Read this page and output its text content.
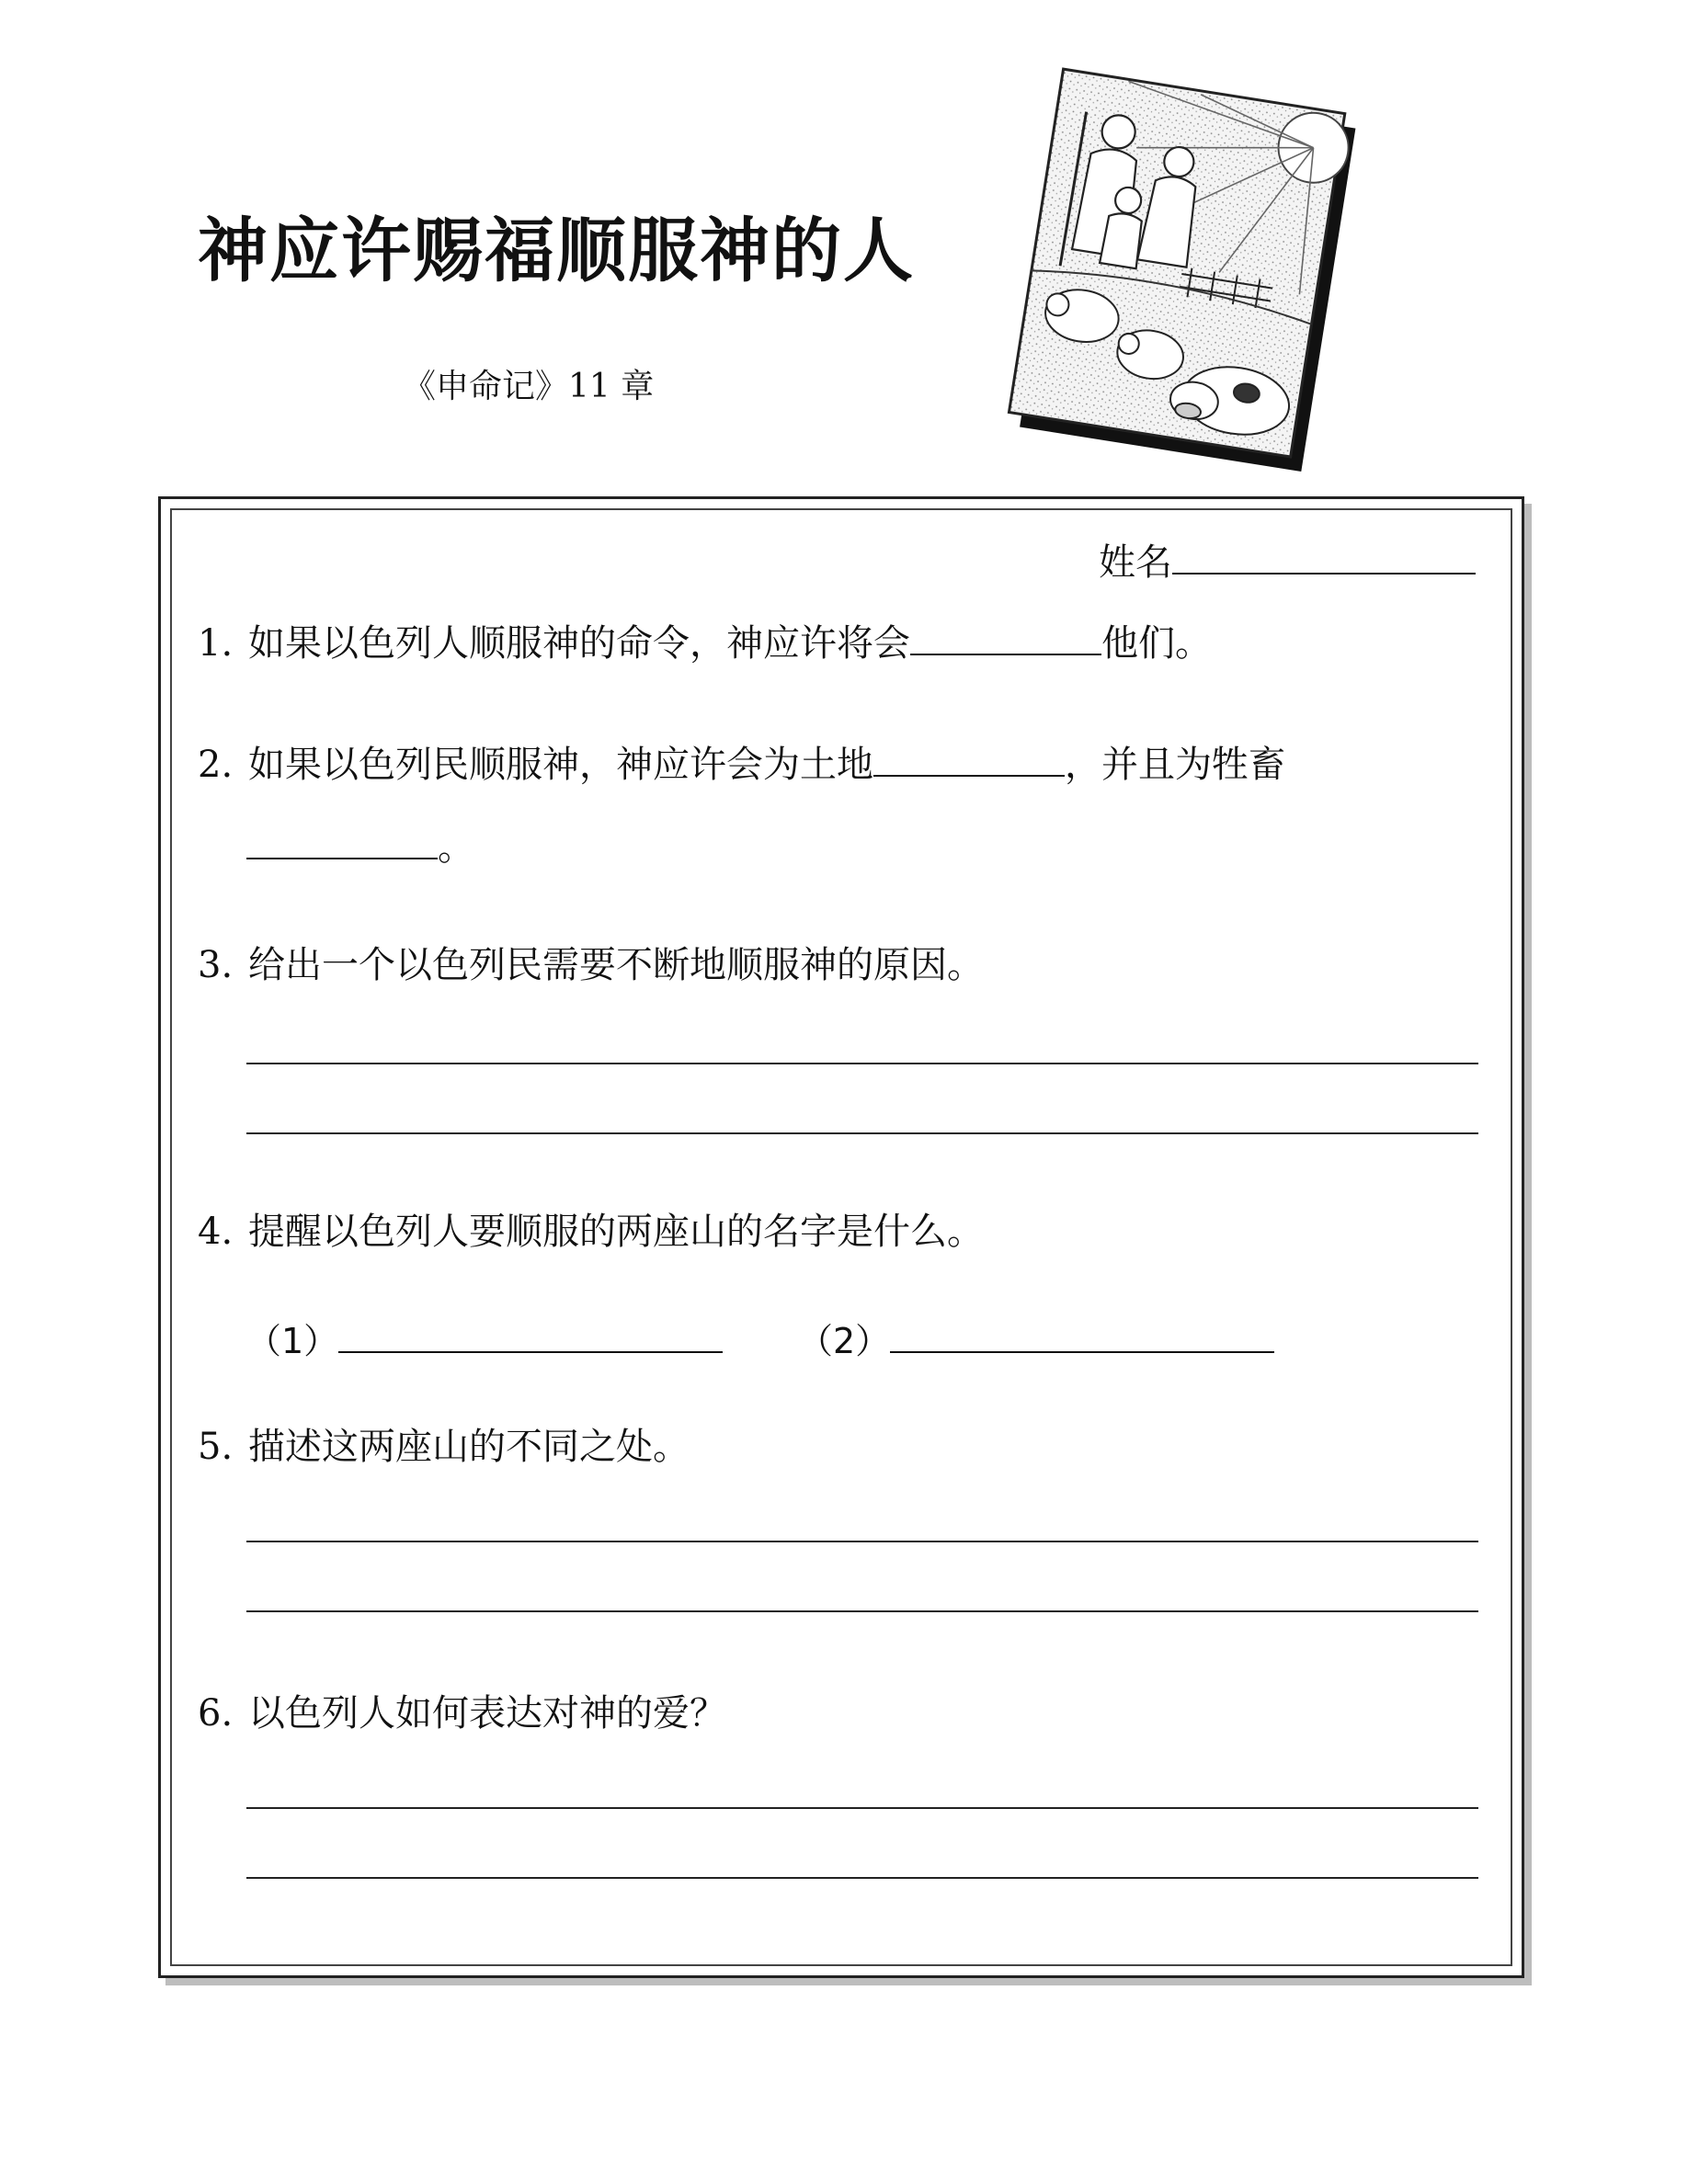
神应许赐福顺服神的人
《申命记》11 章
姓名
1. 如果以色列人顺服神的命令，神应许将会	他们。
2. 如果以色列民顺服神，神应许会为土地	，并且为牲畜
。
3. 给出一个以色列民需要不断地顺服神的原因。
4. 提醒以色列人要顺服的两座山的名字是什么。
（1）	（2）
5. 描述这两座山的不同之处。
6. 以色列人如何表达对神的爱？
